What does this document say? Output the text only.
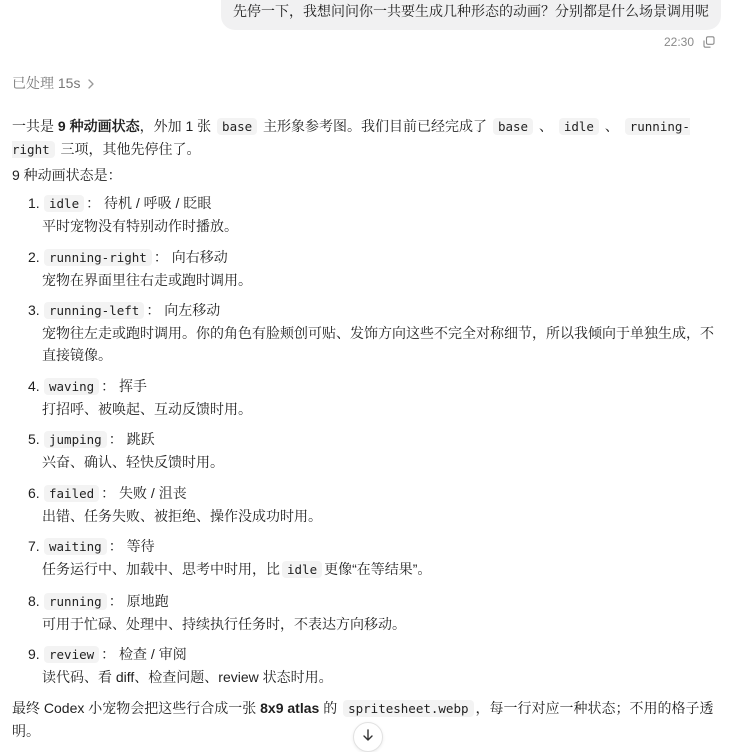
先停一下，我想问问你一共要生成几种形态的动画？分别都是什么场景调用呢
22:30
已处理 15s

一共是 9 种动画状态，外加 1 张 base 主形象参考图。我们目前已经完成了 base 、 idle 、 running-right 三项，其他先停住了。

9 种动画状态是：

1. idle ： 待机 / 呼吸 / 眨眼
平时宠物没有特别动作时播放。
2. running-right ： 向右移动
宠物在界面里往右走或跑时调用。
3. running-left ： 向左移动
宠物往左走或跑时调用。你的角色有脸颊创可贴、发饰方向这些不完全对称细节，所以我倾向于单独生成，不直接镜像。
4. waving ： 挥手
打招呼、被唤起、互动反馈时用。
5. jumping ： 跳跃
兴奋、确认、轻快反馈时用。
6. failed ： 失败 / 沮丧
出错、任务失败、被拒绝、操作没成功时用。
7. waiting ： 等待
任务运行中、加载中、思考中时用，比 idle 更像“在等结果”。
8. running ： 原地跑
可用于忙碌、处理中、持续执行任务时，不表达方向移动。
9. review ： 检查 / 审阅
读代码、看 diff、检查问题、review 状态时用。

最终 Codex 小宠物会把这些行合成一张 8x9 atlas 的 spritesheet.webp ，每一行对应一种状态；不用的格子透明。
